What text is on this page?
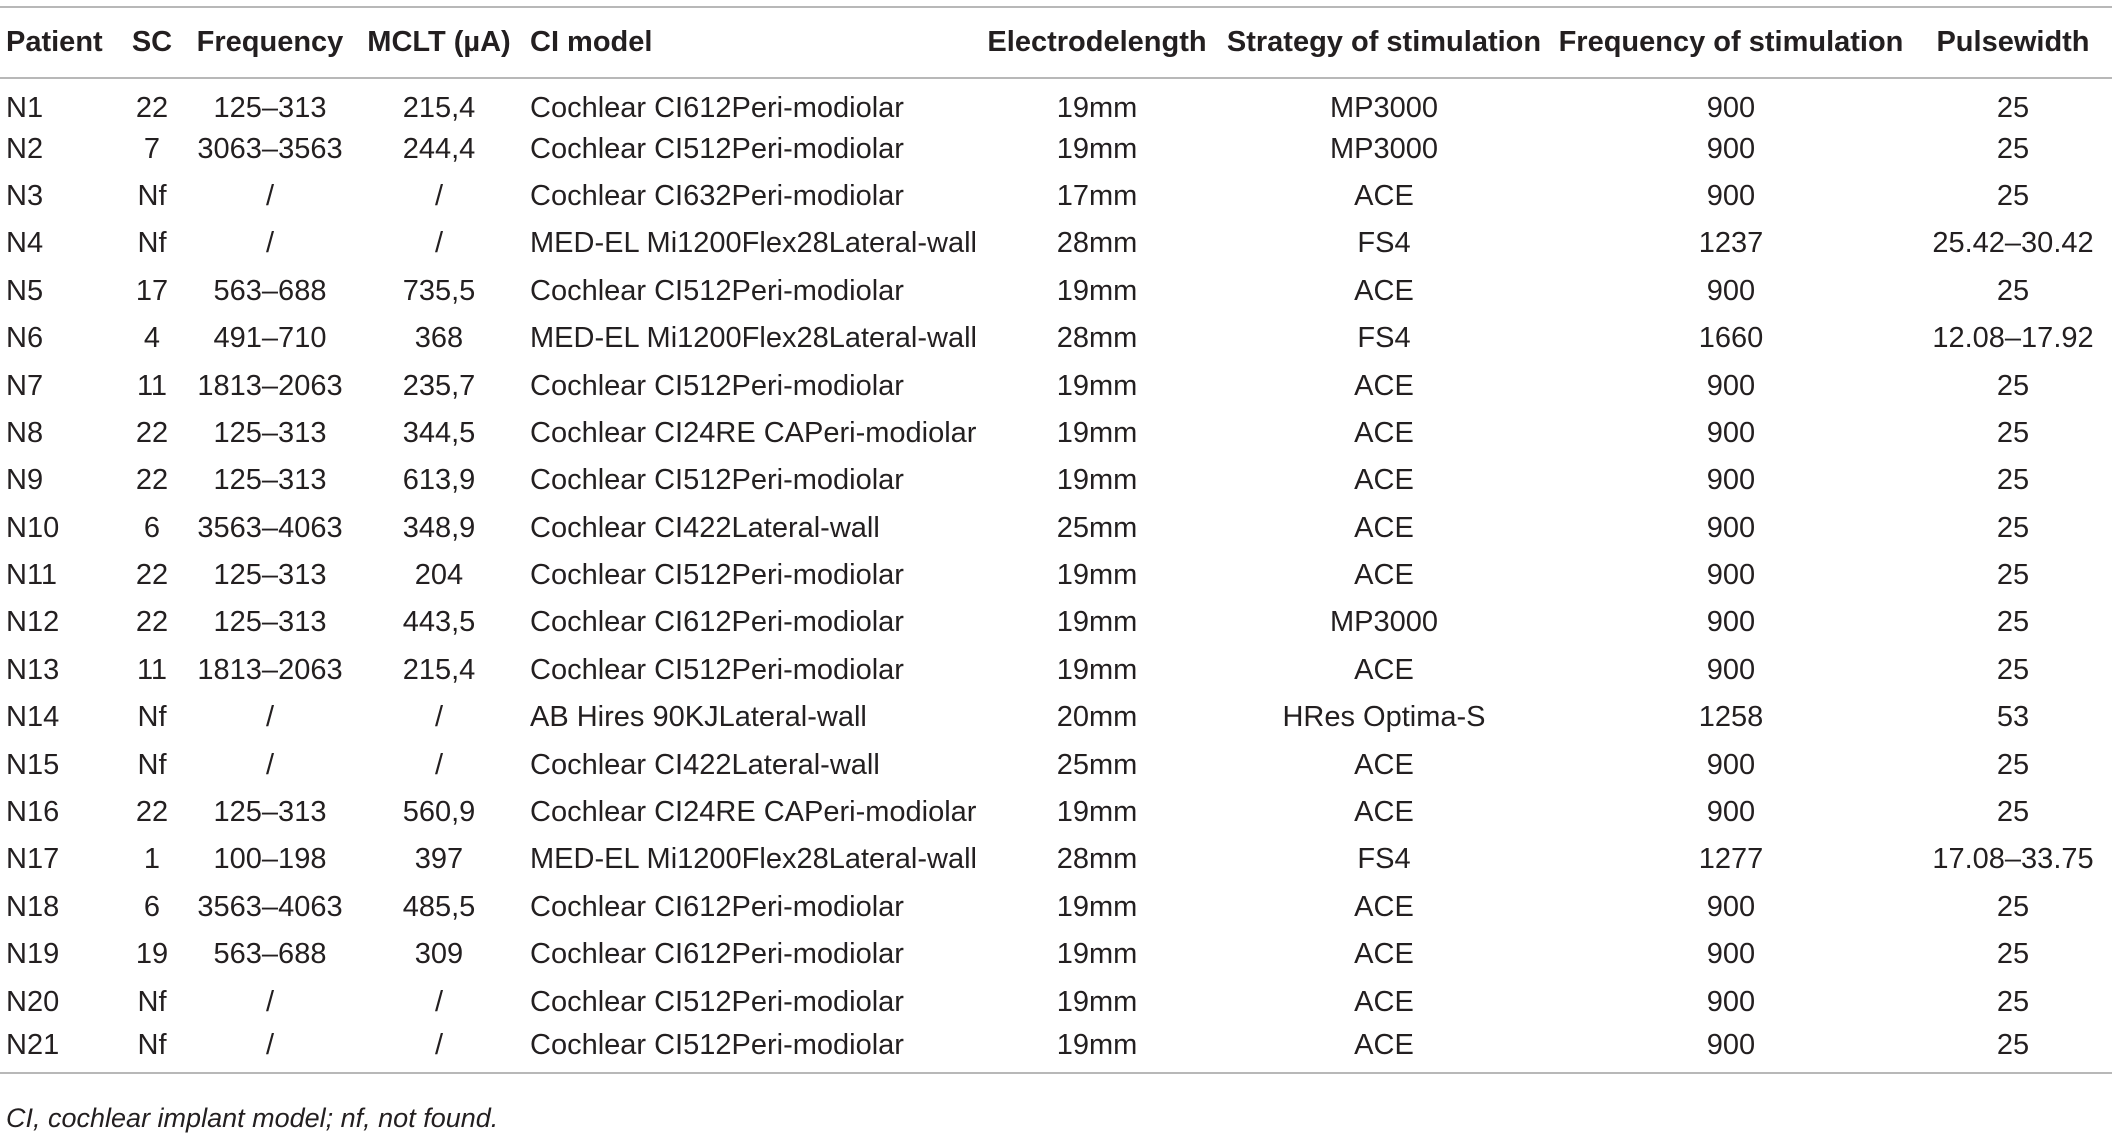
Patient	SC	Frequency	MCLT (µA)	CI model	Electrodelength	Strategy of stimulation	Frequency of stimulation	Pulsewidth
N1	22	125–313	215,4	Cochlear CI612Peri-modiolar	19mm	MP3000	900	25
N2	7	3063–3563	244,4	Cochlear CI512Peri-modiolar	19mm	MP3000	900	25
N3	Nf	/	/	Cochlear CI632Peri-modiolar	17mm	ACE	900	25
N4	Nf	/	/	MED-EL Mi1200Flex28Lateral-wall	28mm	FS4	1237	25.42–30.42
N5	17	563–688	735,5	Cochlear CI512Peri-modiolar	19mm	ACE	900	25
N6	4	491–710	368	MED-EL Mi1200Flex28Lateral-wall	28mm	FS4	1660	12.08–17.92
N7	11	1813–2063	235,7	Cochlear CI512Peri-modiolar	19mm	ACE	900	25
N8	22	125–313	344,5	Cochlear CI24RE CAPeri-modiolar	19mm	ACE	900	25
N9	22	125–313	613,9	Cochlear CI512Peri-modiolar	19mm	ACE	900	25
N10	6	3563–4063	348,9	Cochlear CI422Lateral-wall	25mm	ACE	900	25
N11	22	125–313	204	Cochlear CI512Peri-modiolar	19mm	ACE	900	25
N12	22	125–313	443,5	Cochlear CI612Peri-modiolar	19mm	MP3000	900	25
N13	11	1813–2063	215,4	Cochlear CI512Peri-modiolar	19mm	ACE	900	25
N14	Nf	/	/	AB Hires 90KJLateral-wall	20mm	HRes Optima-S	1258	53
N15	Nf	/	/	Cochlear CI422Lateral-wall	25mm	ACE	900	25
N16	22	125–313	560,9	Cochlear CI24RE CAPeri-modiolar	19mm	ACE	900	25
N17	1	100–198	397	MED-EL Mi1200Flex28Lateral-wall	28mm	FS4	1277	17.08–33.75
N18	6	3563–4063	485,5	Cochlear CI612Peri-modiolar	19mm	ACE	900	25
N19	19	563–688	309	Cochlear CI612Peri-modiolar	19mm	ACE	900	25
N20	Nf	/	/	Cochlear CI512Peri-modiolar	19mm	ACE	900	25
N21	Nf	/	/	Cochlear CI512Peri-modiolar	19mm	ACE	900	25
CI, cochlear implant model; nf, not found.
